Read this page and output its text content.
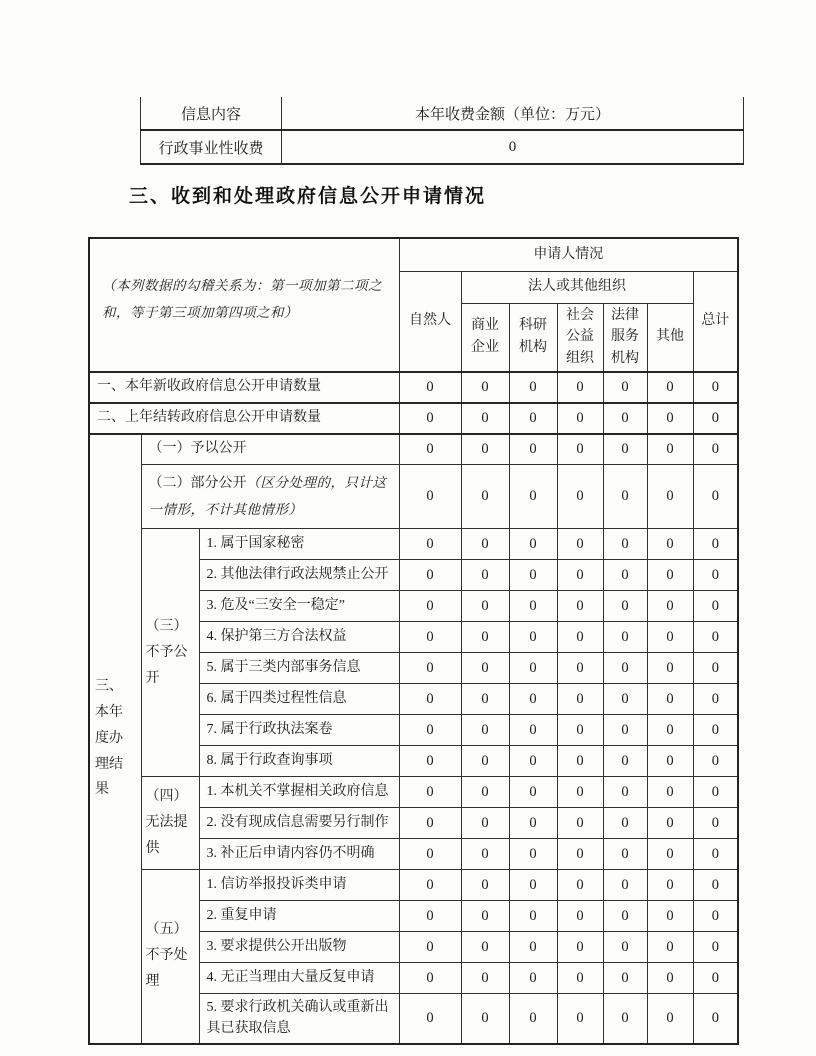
信息内容	本年收费金额（单位：万元）
行政事业性收费	0
三、收到和处理政府信息公开申请情况
（本列数据的勾稽关系为：第一项加第二项之和，等于第三项加第四项之和）			申请人情况						
			自然人	法人或其他组织					总计
				商业企业	科研机构	社会公益组织	法律服务机构	其他	
一、本年新收政府信息公开申请数量			0	0	0	0	0	0	0
二、上年结转政府信息公开申请数量			0	0	0	0	0	0	0
三、本年度办理结果	（一）予以公开		0	0	0	0	0	0	0
	（二）部分公开（区分处理的，只计这一情形，不计其他情形）		0	0	0	0	0	0	0
	（三）不予公开	1. 属于国家秘密	0	0	0	0	0	0	0
		2. 其他法律行政法规禁止公开	0	0	0	0	0	0	0
		3. 危及“三安全一稳定”	0	0	0	0	0	0	0
		4. 保护第三方合法权益	0	0	0	0	0	0	0
		5. 属于三类内部事务信息	0	0	0	0	0	0	0
		6. 属于四类过程性信息	0	0	0	0	0	0	0
		7. 属于行政执法案卷	0	0	0	0	0	0	0
		8. 属于行政查询事项	0	0	0	0	0	0	0
	（四）无法提供	1. 本机关不掌握相关政府信息	0	0	0	0	0	0	0
		2. 没有现成信息需要另行制作	0	0	0	0	0	0	0
		3. 补正后申请内容仍不明确	0	0	0	0	0	0	0
	（五）不予处理	1. 信访举报投诉类申请	0	0	0	0	0	0	0
		2. 重复申请	0	0	0	0	0	0	0
		3. 要求提供公开出版物	0	0	0	0	0	0	0
		4. 无正当理由大量反复申请	0	0	0	0	0	0	0
		5. 要求行政机关确认或重新出具已获取信息	0	0	0	0	0	0	0
